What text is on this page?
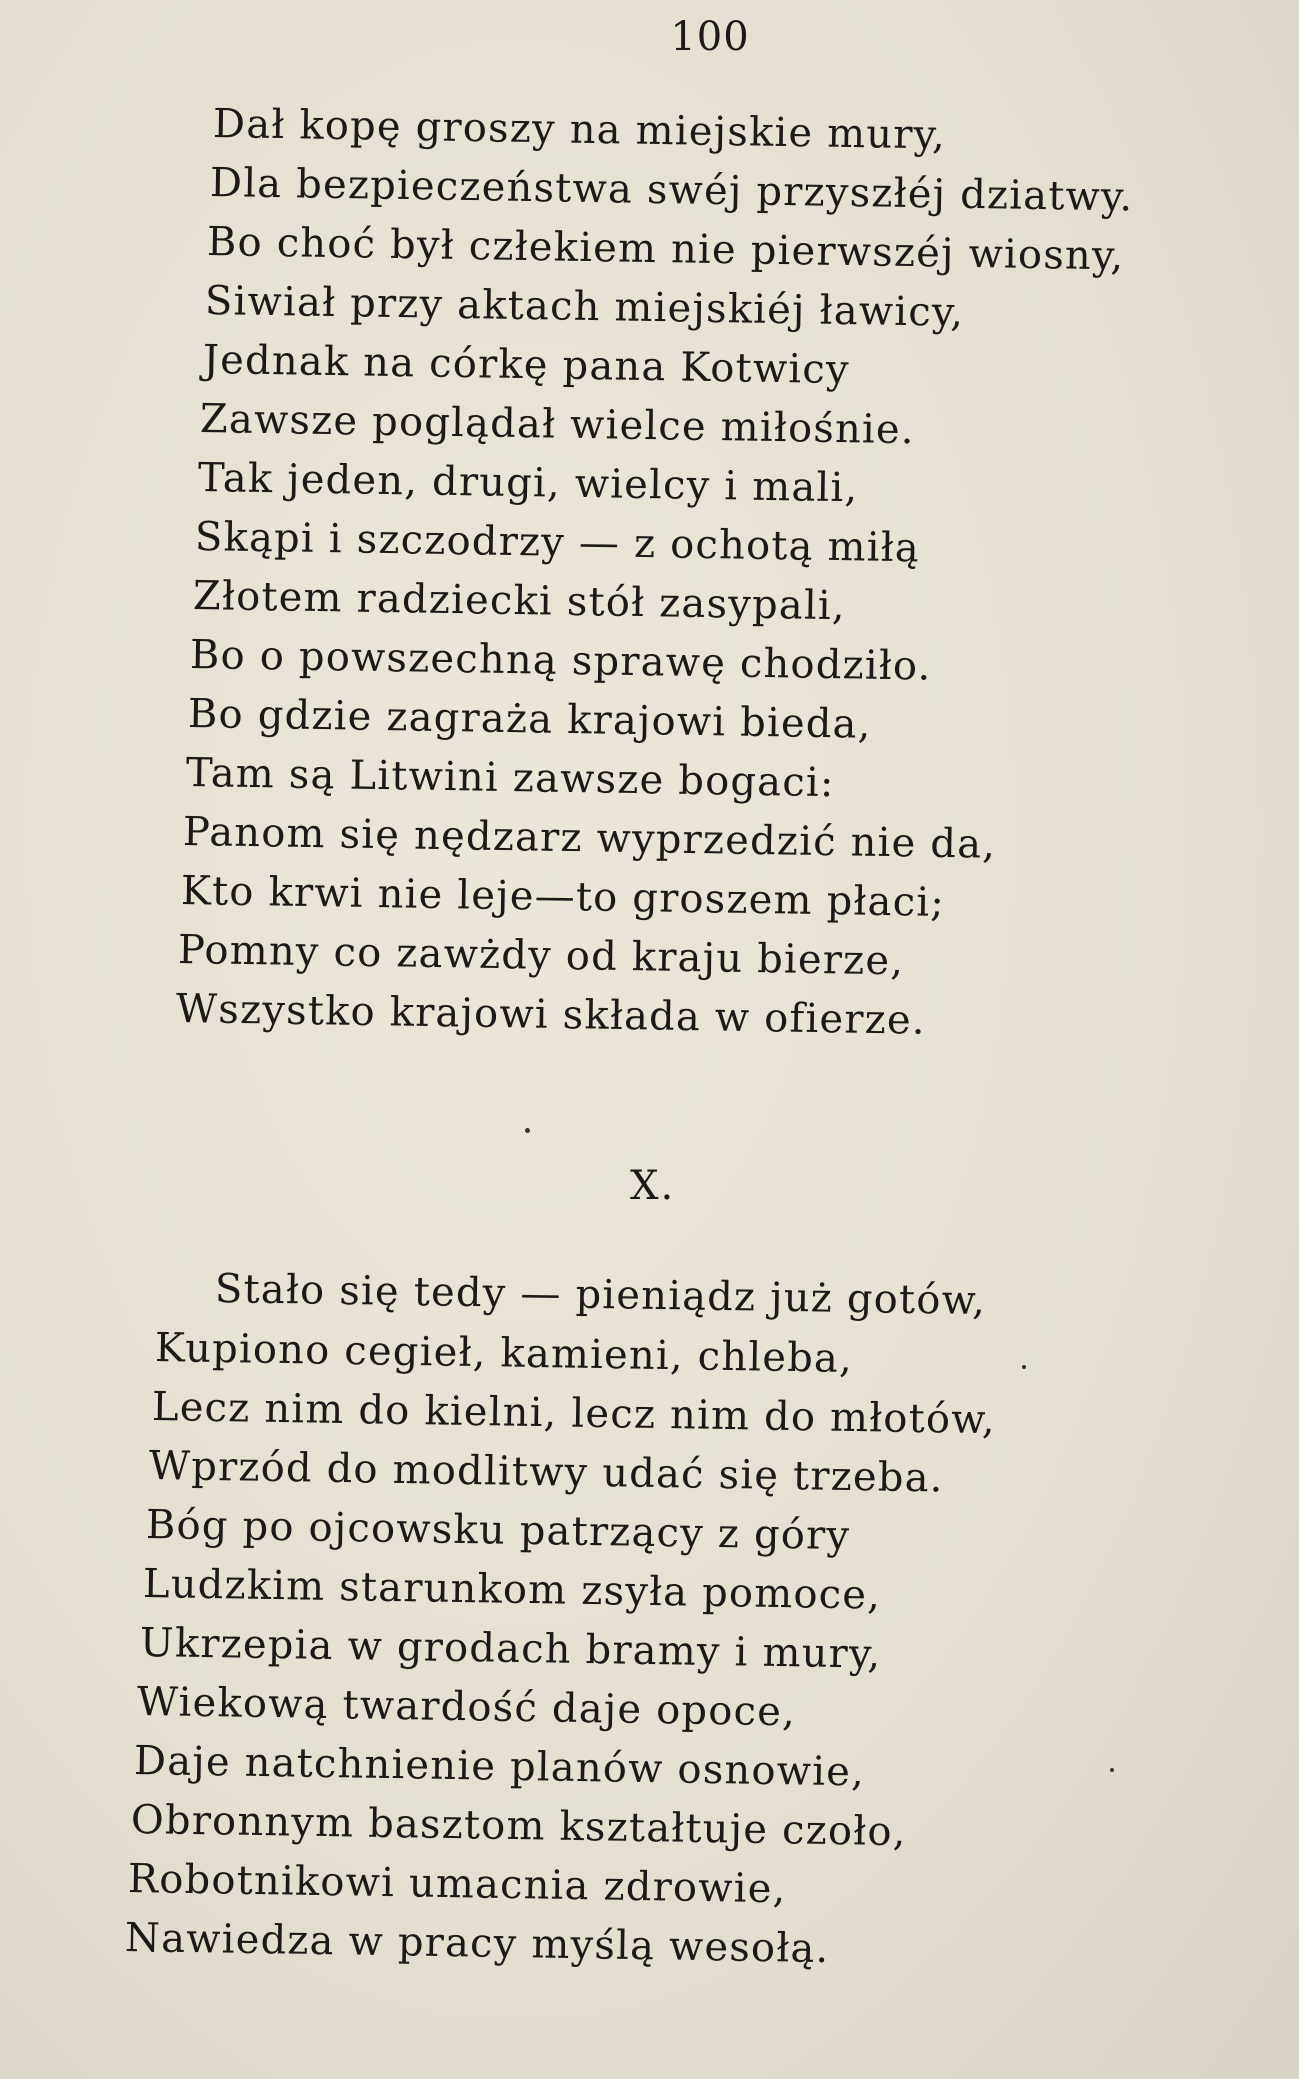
100
Dał kopę groszy na miejskie mury,
Dla bezpieczeństwa swéj przyszłéj dziatwy.
Bo choć był człekiem nie pierwszéj wiosny,
Siwiał przy aktach miejskiéj ławicy,
Jednak na córkę pana Kotwicy
Zawsze poglądał wielce miłośnie.
Tak jeden, drugi, wielcy i mali,
Skąpi i szczodrzy — z ochotą miłą
Złotem radziecki stół zasypali,
Bo o powszechną sprawę chodziło.
Bo gdzie zagraża krajowi bieda,
Tam są Litwini zawsze bogaci:
Panom się nędzarz wyprzedzić nie da,
Kto krwi nie leje—to groszem płaci;
Pomny co zawżdy od kraju bierze,
Wszystko krajowi składa w ofierze.
X.
Stało się tedy — pieniądz już gotów,
Kupiono cegieł, kamieni, chleba,
Lecz nim do kielni, lecz nim do młotów,
Wprzód do modlitwy udać się trzeba.
Bóg po ojcowsku patrzący z góry
Ludzkim starunkom zsyła pomoce,
Ukrzepia w grodach bramy i mury,
Wiekową twardość daje opoce,
Daje natchnienie planów osnowie,
Obronnym basztom kształtuje czoło,
Robotnikowi umacnia zdrowie,
Nawiedza w pracy myślą wesołą.
